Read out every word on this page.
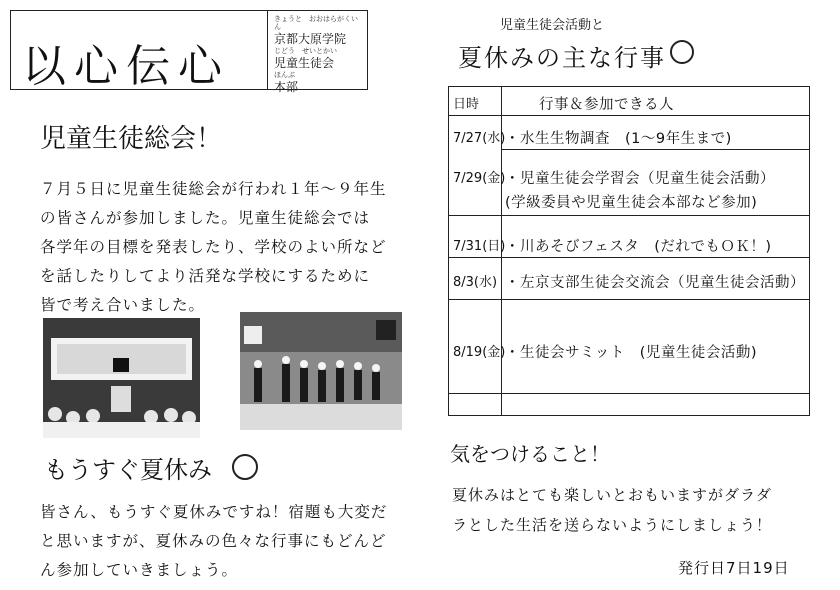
以心伝心
きょうと　おおはらがくいん
京都大原学院

じどう　せいとかい
児童生徒会

ほんぶ
本部
児童生徒総会！
７月５日に児童生徒総会が行われ１年～９年生
の皆さんが参加しました。児童生徒総会では
各学年の目標を発表したり、学校のよい所など
を話したりしてより活発な学校にするために
皆で考え合いました。
もうすぐ夏休み
皆さん、もうすぐ夏休みですね！宿題も大変だ
と思いますが、夏休みの色々な行事にもどんど
ん参加していきましょう。
児童生徒会活動と
夏休みの主な行事
日時	行事＆参加できる人
7/27(水) ・水生生物調査　(1～9年生まで)
7/29(金) ・児童生徒会学習会（児童生徒会活動）
(学級委員や児童生徒会本部など参加)
7/31(日) ・川あそびフェスタ　(だれでもＯＫ！)
8/3(水) ・左京支部生徒会交流会（児童生徒会活動）
8/19(金) ・生徒会サミット　(児童生徒会活動)
気をつけること！
夏休みはとても楽しいとおもいますがダラダ
ラとした生活を送らないようにしましょう！
発行日7日19日
